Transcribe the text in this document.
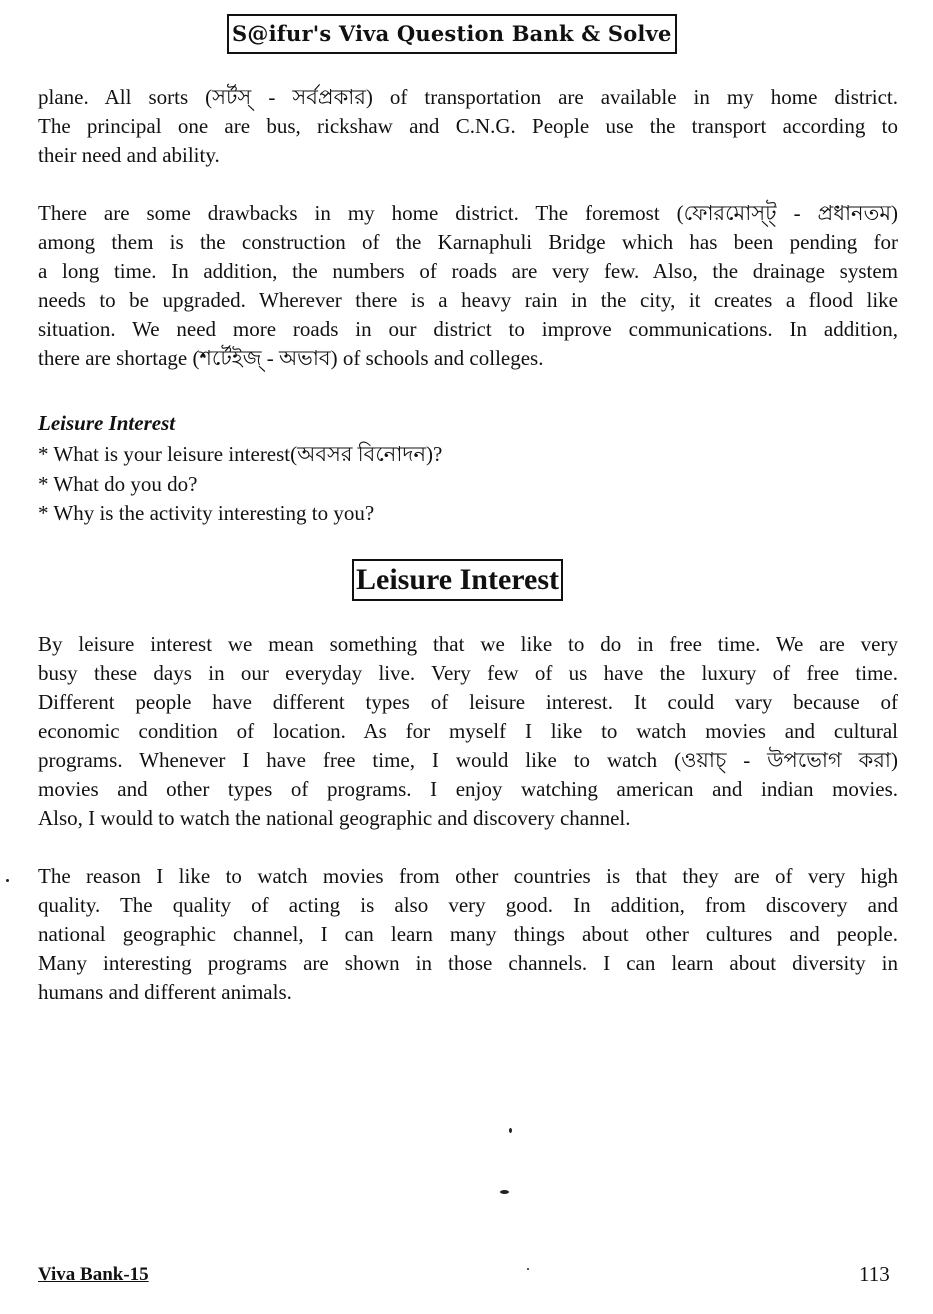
S@ifur's Viva Question Bank & Solve
plane. All sorts (সর্টস্ - সর্বপ্রকার) of transportation are available in my home district.
The principal one are bus, rickshaw and C.N.G. People use the transport according to
their need and ability.
There are some drawbacks in my home district. The foremost (ফোরমোস্ট্ - প্রধানতম)
among them is the construction of the Karnaphuli Bridge which has been pending for
a long time. In addition, the numbers of roads are very few. Also, the drainage system
needs to be upgraded. Wherever there is a heavy rain in the city, it creates a flood like
situation. We need more roads in our district to improve communications. In addition,
there are shortage (শর্টেইজ্ - অভাব) of schools and colleges.
Leisure Interest
* What is your leisure interest(অবসর বিনোদন)?
* What do you do?
* Why is the activity interesting to you?
Leisure Interest
By leisure interest we mean something that we like to do in free time. We are very
busy these days in our everyday live. Very few of us have the luxury of free time.
Different people have different types of leisure interest. It could vary because of
economic condition of location. As for myself I like to watch movies and cultural
programs. Whenever I have free time, I would like to watch (ওয়াচ্ - উপভোগ করা)
movies and other types of programs. I enjoy watching american and indian movies.
Also, I would to watch the national geographic and discovery channel.
The reason I like to watch movies from other countries is that they are of very high
quality. The quality of acting is also very good. In addition, from discovery and
national geographic channel, I can learn many things about other cultures and people.
Many interesting programs are shown in those channels. I can learn about diversity in
humans and different animals.
Viva Bank-15	113
